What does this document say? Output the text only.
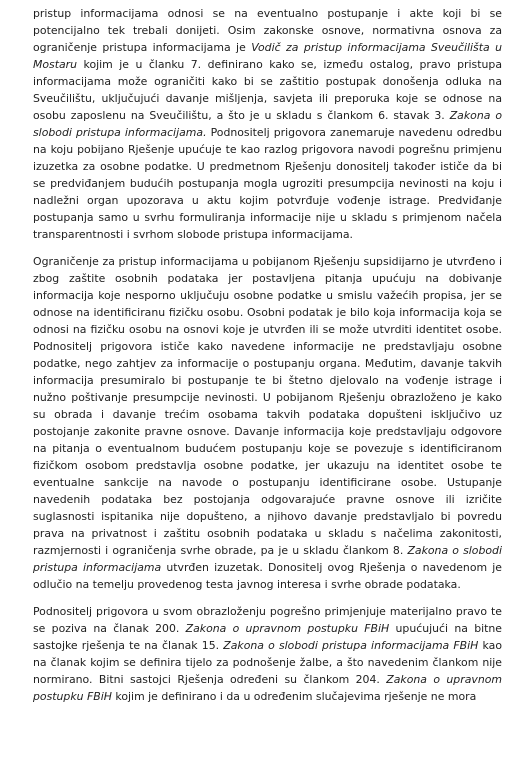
pristup informacijama odnosi se na eventualno postupanje i akte koji bi se potencijalno tek trebali donijeti. Osim zakonske osnove, normativna osnova za ograničenje pristupa informacijama je Vodič za pristup informacijama Sveučilišta u Mostaru kojim je u članku 7. definirano kako se, između ostalog, pravo pristupa informacijama može ograničiti kako bi se zaštitio postupak donošenja odluka na Sveučilištu, uključujući davanje mišljenja, savjeta ili preporuka koje se odnose na osobu zaposlenu na Sveučilištu, a što je u skladu s člankom 6. stavak 3. Zakona o slobodi pristupa informacijama. Podnositelj prigovora zanemaruje navedenu odredbu na koju pobijano Rješenje upućuje te kao razlog prigovora navodi pogrešnu primjenu izuzetka za osobne podatke. U predmetnom Rješenju donositelj također ističe da bi se predviđanjem budućih postupanja mogla ugroziti presumpcija nevinosti na koju i nadležni organ upozorava u aktu kojim potvrđuje vođenje istrage. Predviđanje postupanja samo u svrhu formuliranja informacije nije u skladu s primjenom načela transparentnosti i svrhom slobode pristupa informacijama.

Ograničenje za pristup informacijama u pobijanom Rješenju supsidijarno je utvrđeno i zbog zaštite osobnih podataka jer postavljena pitanja upućuju na dobivanje informacija koje nesporno uključuju osobne podatke u smislu važećih propisa, jer se odnose na identificiranu fizičku osobu. Osobni podatak je bilo koja informacija koja se odnosi na fizičku osobu na osnovi koje je utvrđen ili se može utvrditi identitet osobe. Podnositelj prigovora ističe kako navedene informacije ne predstavljaju osobne podatke, nego zahtjev za informacije o postupanju organa. Međutim, davanje takvih informacija presumiralo bi postupanje te bi štetno djelovalo na vođenje istrage i nužno poštivanje presumpcije nevinosti. U pobijanom Rješenju obrazloženo je kako su obrada i davanje trećim osobama takvih podataka dopušteni isključivo uz postojanje zakonite pravne osnove. Davanje informacija koje predstavljaju odgovore na pitanja o eventualnom budućem postupanju koje se povezuje s identificiranom fizičkom osobom predstavlja osobne podatke, jer ukazuju na identitet osobe te eventualne sankcije na navode o postupanju identificirane osobe. Ustupanje navedenih podataka bez postojanja odgovarajuće pravne osnove ili izričite suglasnosti ispitanika nije dopušteno, a njihovo davanje predstavljalo bi povredu prava na privatnost i zaštitu osobnih podataka u skladu s načelima zakonitosti, razmjernosti i ograničenja svrhe obrade, pa je u skladu člankom 8. Zakona o slobodi pristupa informacijama utvrđen izuzetak. Donositelj ovog Rješenja o navedenom je odlučio na temelju provedenog testa javnog interesa i svrhe obrade podataka.

Podnositelj prigovora u svom obrazloženju pogrešno primjenjuje materijalno pravo te se poziva na članak 200. Zakona o upravnom postupku FBiH upućujući na bitne sastojke rješenja te na članak 15. Zakona o slobodi pristupa informacijama FBiH kao na članak kojim se definira tijelo za podnošenje žalbe, a što navedenim člankom nije normirano. Bitni sastojci Rješenja određeni su člankom 204. Zakona o upravnom postupku FBiH kojim je definirano i da u određenim slučajevima rješenje ne mora
